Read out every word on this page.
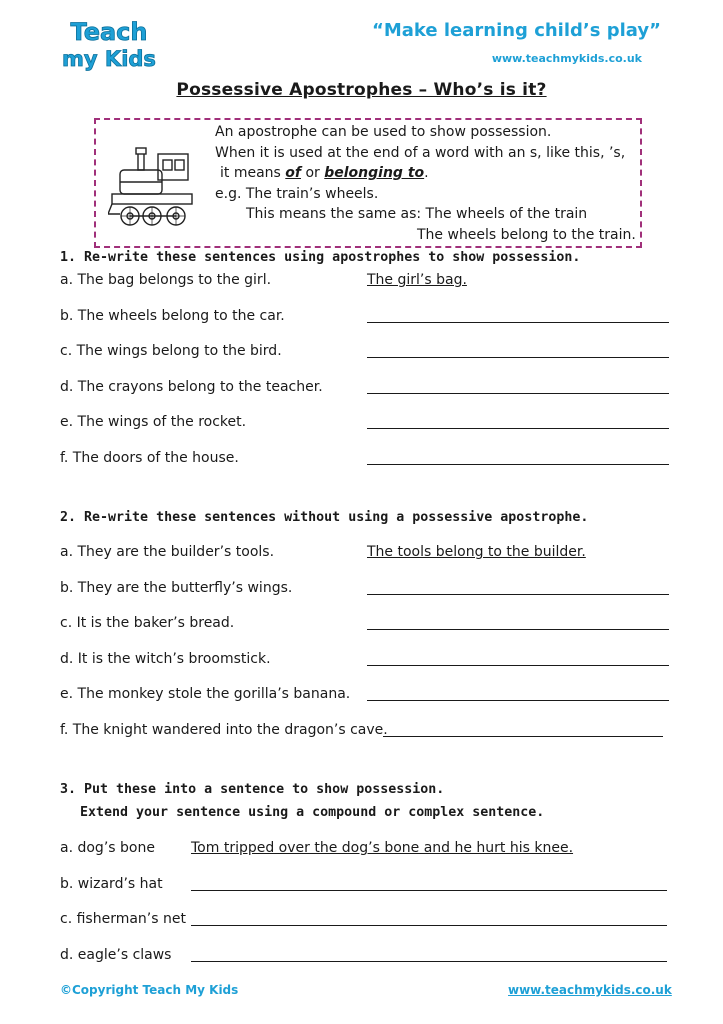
Teach
my Kids
“Make learning child’s play”
www.teachmykids.co.uk
Possessive Apostrophes – Who’s is it?
An apostrophe can be used to show possession.
When it is used at the end of a word with an s, like this, ’s,
it means of or belonging to.
e.g. The train’s wheels.
This means the same as: The wheels of the train
The wheels belong to the train.
1. Re-write these sentences using apostrophes to show possession.
a. The bag belongs to the girl.	The girl’s bag.
b. The wheels belong to the car.
c. The wings belong to the bird.
d. The crayons belong to the teacher.
e. The wings of the rocket.
f. The doors of the house.
2. Re-write these sentences without using a possessive apostrophe.
a. They are the builder’s tools.	The tools belong to the builder.
b. They are the butterfly’s wings.
c. It is the baker’s bread.
d. It is the witch’s broomstick.
e. The monkey stole the gorilla’s banana.
f. The knight wandered into the dragon’s cave.
3. Put these into a sentence to show possession.
Extend your sentence using a compound or complex sentence.
a. dog’s bone	Tom tripped over the dog’s bone and he hurt his knee.
b. wizard’s hat
c. fisherman’s net
d. eagle’s claws
©Copyright Teach My Kids	www.teachmykids.co.uk
